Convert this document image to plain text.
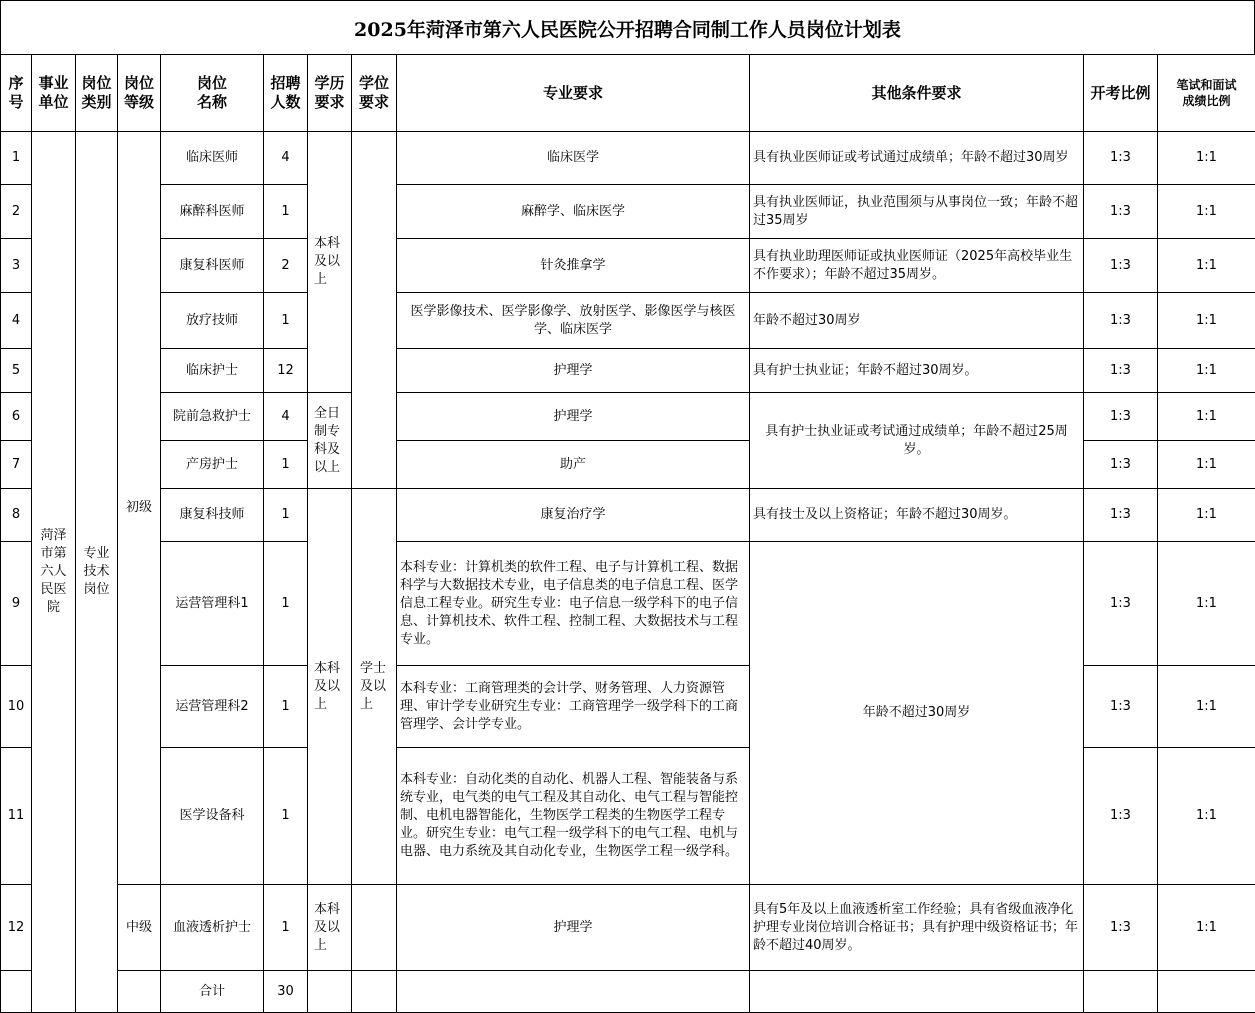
2025年菏泽市第六人民医院公开招聘合同制工作人员岗位计划表
序号	事业单位	岗位类别	岗位等级	岗位名称	招聘人数	学历要求	学位要求	专业要求	其他条件要求	开考比例	笔试和面试成绩比例
1	菏泽市第六人民医院	专业技术岗位	初级	临床医师	4	本科及以上		临床医学	具有执业医师证或考试通过成绩单；年龄不超过30周岁	1:3	1:1
2				麻醉科医师	1			麻醉学、临床医学	具有执业医师证，执业范围须与从事岗位一致；年龄不超过35周岁	1:3	1:1
3				康复科医师	2			针灸推拿学	具有执业助理医师证或执业医师证（2025年高校毕业生不作要求）；年龄不超过35周岁。	1:3	1:1
4				放疗技师	1			医学影像技术、医学影像学、放射医学、影像医学与核医学、临床医学	年龄不超过30周岁	1:3	1:1
5				临床护士	12			护理学	具有护士执业证；年龄不超过30周岁。	1:3	1:1
6				院前急救护士	4	全日制专科及以上		护理学	具有护士执业证或考试通过成绩单；年龄不超过25周岁。	1:3	1:1
7				产房护士	1			助产		1:3	1:1
8				康复科技师	1	本科及以上	学士及以上	康复治疗学	具有技士及以上资格证；年龄不超过30周岁。	1:3	1:1
9				运营管理科1	1			本科专业：计算机类的软件工程、电子与计算机工程、数据科学与大数据技术专业，电子信息类的电子信息工程、医学信息工程专业。研究生专业：电子信息一级学科下的电子信息、计算机技术、软件工程、控制工程、大数据技术与工程专业。	年龄不超过30周岁	1:3	1:1
10				运营管理科2	1			本科专业：工商管理类的会计学、财务管理、人力资源管理、审计学专业研究生专业：工商管理学一级学科下的工商管理学、会计学专业。		1:3	1:1
11				医学设备科	1			本科专业：自动化类的自动化、机器人工程、智能装备与系统专业，电气类的电气工程及其自动化、电气工程与智能控制、电机电器智能化，生物医学工程类的生物医学工程专业。研究生专业：电气工程一级学科下的电气工程、电机与电器、电力系统及其自动化专业，生物医学工程一级学科。		1:3	1:1
12			中级	血液透析护士	1	本科及以上		护理学	具有5年及以上血液透析室工作经验；具有省级血液净化护理专业岗位培训合格证书；具有护理中级资格证书；年龄不超过40周岁。	1:3	1:1
				合计	30						
